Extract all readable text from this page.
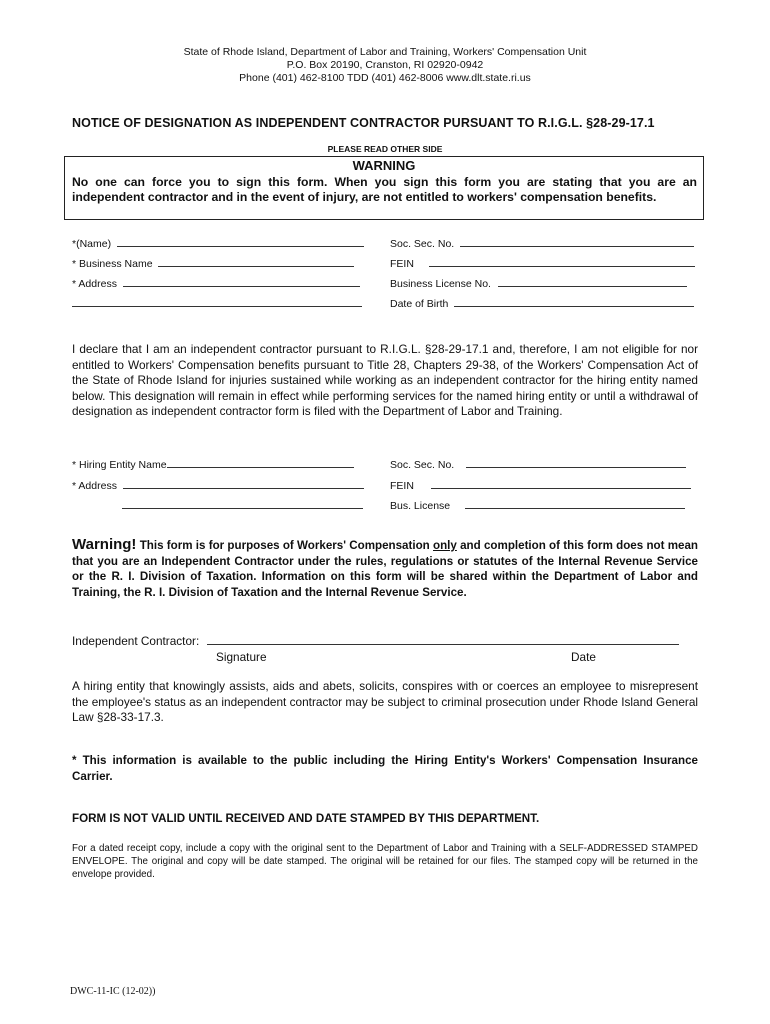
State of Rhode Island, Department of Labor and Training, Workers' Compensation Unit
P.O. Box 20190, Cranston, RI 02920-0942
Phone (401) 462-8100 TDD (401) 462-8006 www.dlt.state.ri.us
NOTICE OF DESIGNATION AS INDEPENDENT CONTRACTOR PURSUANT TO R.I.G.L. §28-29-17.1
PLEASE READ OTHER SIDE
WARNING
No one can force you to sign this form. When you sign this form you are stating that you are an independent contractor and in the event of injury, are not entitled to workers' compensation benefits.
*(Name)
* Business Name
* Address
Soc. Sec. No.
FEIN
Business License No.
Date of Birth
I declare that I am an independent contractor pursuant to R.I.G.L. §28-29-17.1 and, therefore, I am not eligible for nor entitled to Workers' Compensation benefits pursuant to Title 28, Chapters 29-38, of the Workers' Compensation Act of the State of Rhode Island for injuries sustained while working as an independent contractor for the hiring entity named below. This designation will remain in effect while performing services for the named hiring entity or until a withdrawal of designation as independent contractor form is filed with the Department of Labor and Training.
* Hiring Entity Name
* Address
Soc. Sec. No.
FEIN
Bus. License
Warning! This form is for purposes of Workers' Compensation only and completion of this form does not mean that you are an Independent Contractor under the rules, regulations or statutes of the Internal Revenue Service or the R. I. Division of Taxation. Information on this form will be shared within the Department of Labor and Training, the R. I. Division of Taxation and the Internal Revenue Service.
Independent Contractor:
Signature	Date
A hiring entity that knowingly assists, aids and abets, solicits, conspires with or coerces an employee to misrepresent the employee's status as an independent contractor may be subject to criminal prosecution under Rhode Island General Law §28-33-17.3.
* This information is available to the public including the Hiring Entity's Workers' Compensation Insurance Carrier.
FORM IS NOT VALID UNTIL RECEIVED AND DATE STAMPED BY THIS DEPARTMENT.
For a dated receipt copy, include a copy with the original sent to the Department of Labor and Training with a SELF-ADDRESSED STAMPED ENVELOPE. The original and copy will be date stamped. The original will be retained for our files. The stamped copy will be returned in the envelope provided.
DWC-11-IC (12-02))
